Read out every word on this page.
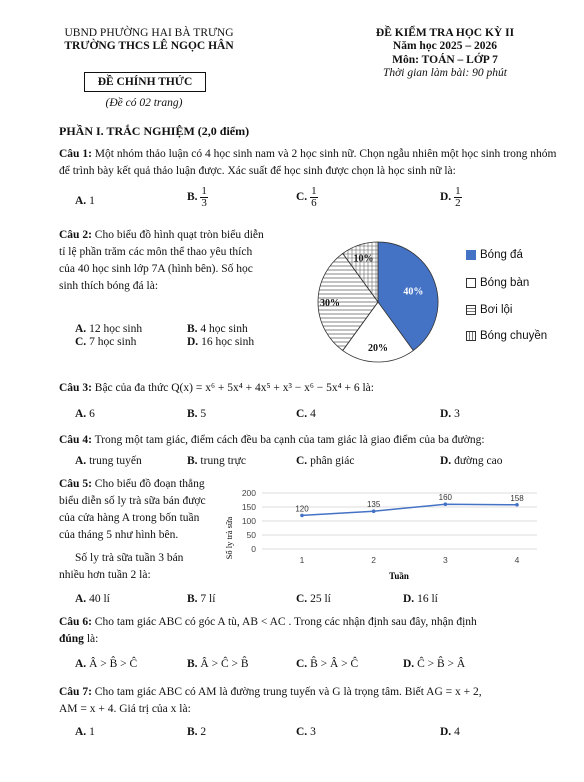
UBND PHƯỜNG HAI BÀ TRƯNG
TRƯỜNG THCS LÊ NGỌC HÂN
ĐỀ KIỂM TRA HỌC KỲ II
Năm học 2025 – 2026
Môn: TOÁN – LỚP 7
Thời gian làm bài: 90 phút
ĐỀ CHÍNH THỨC
(Đề có 02 trang)
PHẦN I. TRẮC NGHIỆM (2,0 điểm)
Câu 1: Một nhóm thảo luận có 4 học sinh nam và 2 học sinh nữ. Chọn ngẫu nhiên một học sinh trong nhóm để trình bày kết quả thảo luận được. Xác suất để học sinh được chọn là học sinh nữ là:
A. 1	B. $\frac{1}{3}$	C. $\frac{1}{6}$	D. $\frac{1}{2}$
Câu 2: Cho biểu đồ hình quạt tròn biểu diễn
tỉ lệ phần trăm các môn thể thao yêu thích
của 40 học sinh lớp 7A (hình bên). Số học
sinh thích bóng đá là:
A. 12 học sinh	B. 4 học sinh
C. 7 học sinh	D. 16 học sinh
40%
20%
30%
10%	Bóng đá
Bóng bàn
Bơi lội
Bóng chuyền
Câu 3: Bậc của đa thức Q(x) = x⁶ + 5x⁴ + 4x⁵ + x³ − x⁶ − 5x⁴ + 6 là:
A. 6	B. 5	C. 4	D. 3
Câu 4: Trong một tam giác, điểm cách đều ba cạnh của tam giác là giao điểm của ba đường:
A. trung tuyến	B. trung trực	C. phân giác	D. đường cao
Câu 5: Cho biểu đồ đoạn thẳng
biểu diễn số ly trà sữa bán được
của cửa hàng A trong bốn tuần
của tháng 5 như hình bên.
Số ly trà sữa tuần 3 bán
nhiều hơn tuần 2 là:
0
50
100
150
200
1	2	3	4
120	135
160	158
Số ly trà sữa
Tuần
A. 40 lí	B. 7 lí	C. 25 lí	D. 16 lí
Câu 6: Cho tam giác ABC có góc A tù, AB < AC . Trong các nhận định sau đây, nhận định
đúng là:
A. Â > B̂ > Ĉ	B. Â > Ĉ > B̂	C. B̂ > Â > Ĉ	D. Ĉ > B̂ > Â
Câu 7: Cho tam giác ABC có AM là đường trung tuyến và G là trọng tâm. Biết AG = x + 2,
AM = x + 4. Giá trị của x là:
A. 1	B. 2	C. 3	D. 4
